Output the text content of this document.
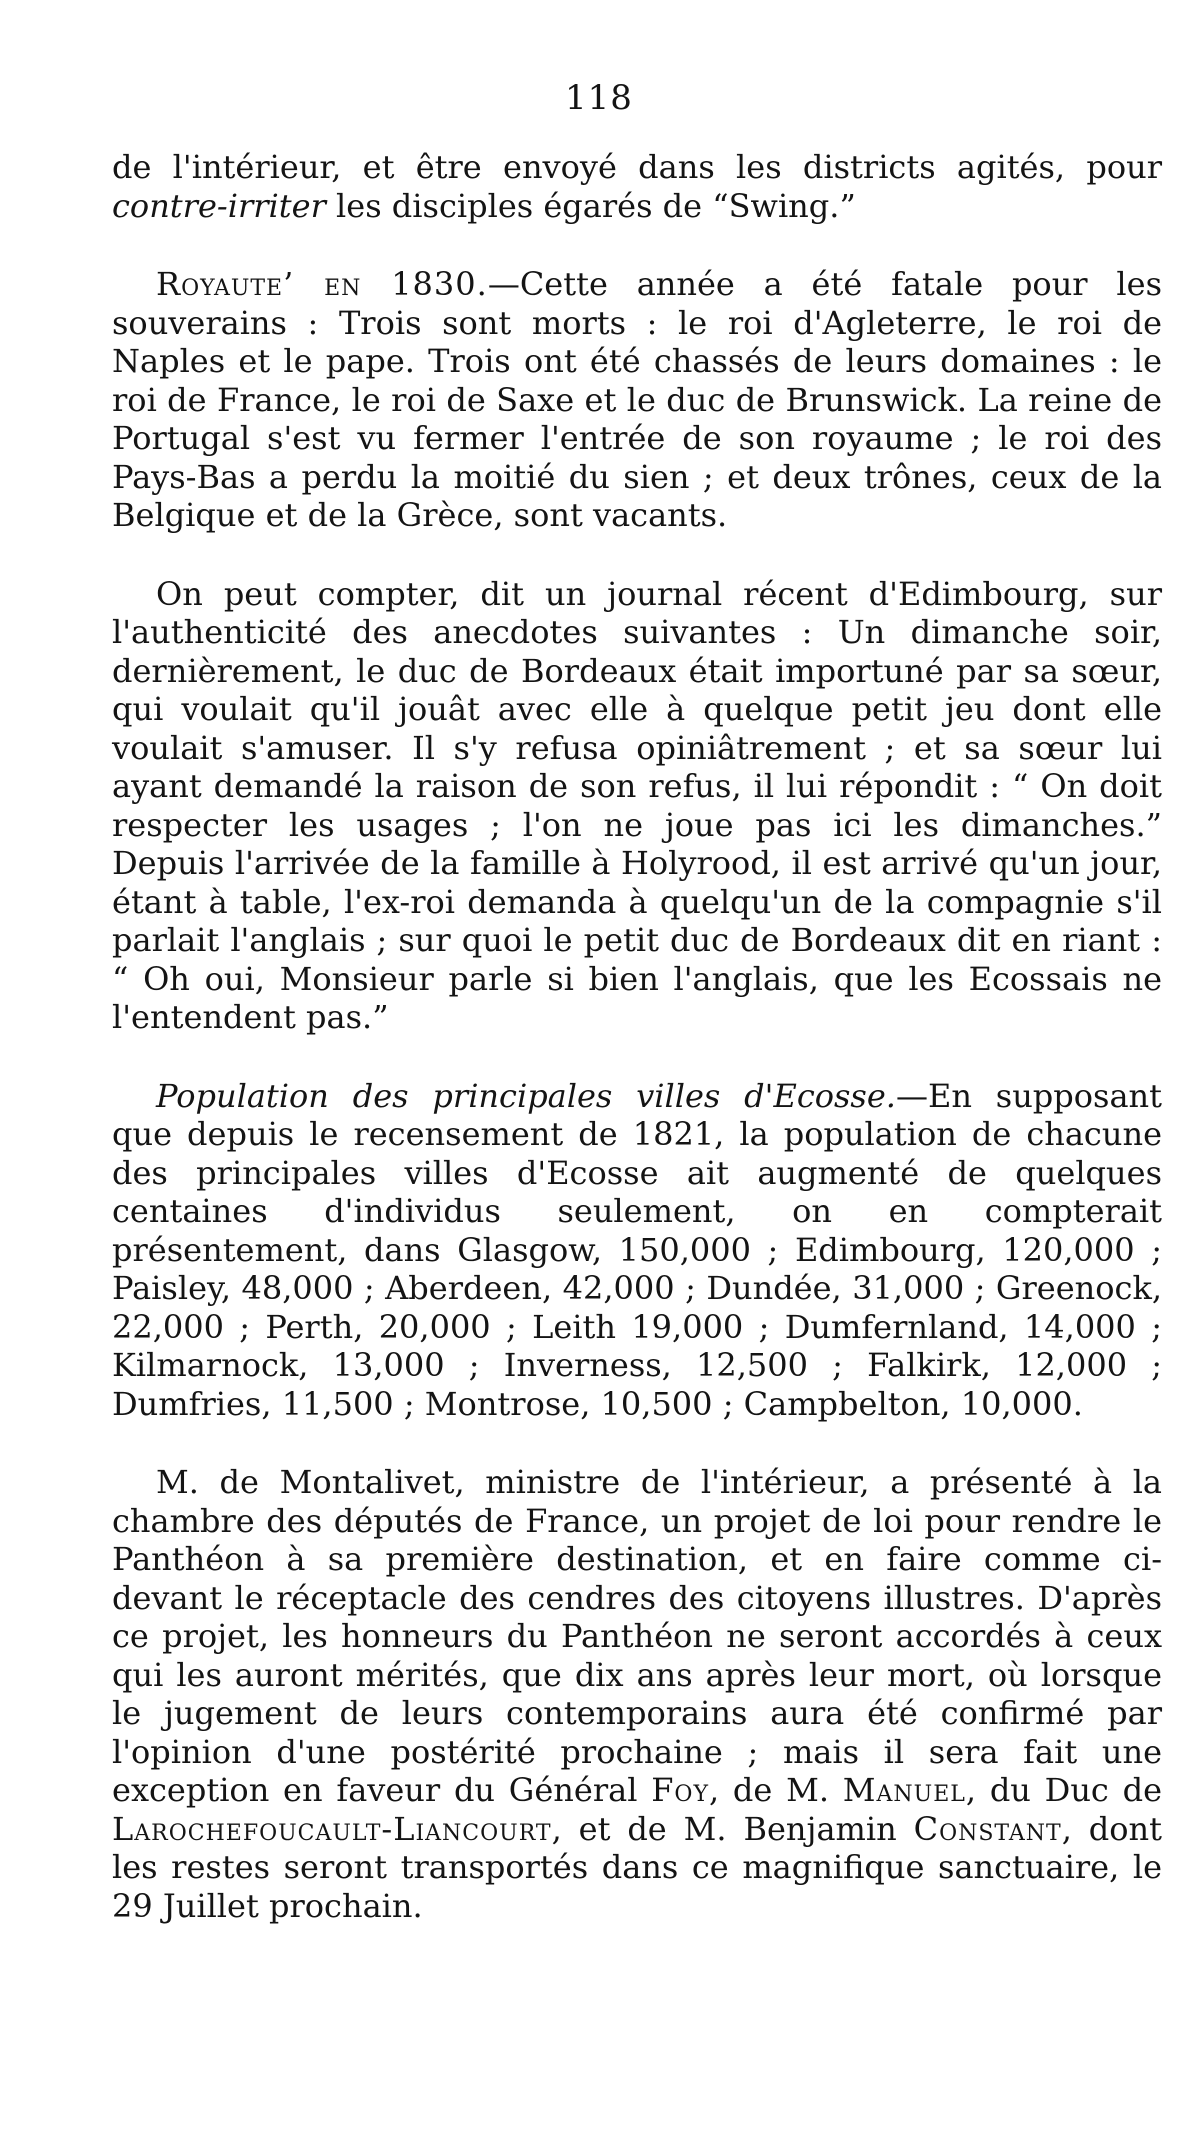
118

de l'intérieur, et être envoyé dans les districts agités, pour contre-irriter les disciples égarés de “Swing.”

Royaute’ en 1830.—Cette année a été fatale pour les souverains : Trois sont morts : le roi d'Agleterre, le roi de Naples et le pape. Trois ont été chassés de leurs domaines : le roi de France, le roi de Saxe et le duc de Brunswick. La reine de Portugal s'est vu fermer l'entrée de son royaume ; le roi des Pays-Bas a perdu la moitié du sien ; et deux trônes, ceux de la Belgique et de la Grèce, sont vacants.

On peut compter, dit un journal récent d'Edimbourg, sur l'authenticité des anecdotes suivantes : Un dimanche soir, dernièrement, le duc de Bordeaux était importuné par sa sœur, qui voulait qu'il jouât avec elle à quelque petit jeu dont elle voulait s'amuser. Il s'y refusa opiniâtrement ; et sa sœur lui ayant demandé la raison de son refus, il lui répondit : “ On doit respecter les usages ; l'on ne joue pas ici les dimanches.” Depuis l'arrivée de la famille à Holyrood, il est arrivé qu'un jour, étant à table, l'ex-roi demanda à quelqu'un de la compagnie s'il parlait l'anglais ; sur quoi le petit duc de Bordeaux dit en riant : “ Oh oui, Monsieur parle si bien l'anglais, que les Ecossais ne l'entendent pas.”

Population des principales villes d'Ecosse.—En supposant que depuis le recensement de 1821, la population de chacune des principales villes d'Ecosse ait augmenté de quelques centaines d'individus seulement, on en compterait présentement, dans Glasgow, 150,000 ; Edimbourg, 120,000 ; Paisley, 48,000 ; Aberdeen, 42,000 ; Dundée, 31,000 ; Greenock, 22,000 ; Perth, 20,000 ; Leith 19,000 ; Dumfernland, 14,000 ; Kilmarnock, 13,000 ; Inverness, 12,500 ; Falkirk, 12,000 ; Dumfries, 11,500 ; Montrose, 10,500 ; Campbelton, 10,000.

M. de Montalivet, ministre de l'intérieur, a présenté à la chambre des députés de France, un projet de loi pour rendre le Panthéon à sa première destination, et en faire comme ci-devant le réceptacle des cendres des citoyens illustres. D'après ce projet, les honneurs du Panthéon ne seront accordés à ceux qui les auront mérités, que dix ans après leur mort, où lorsque le jugement de leurs contemporains aura été confirmé par l'opinion d'une postérité prochaine ; mais il sera fait une exception en faveur du Général Foy, de M. Manuel, du Duc de Larochefoucault-Liancourt, et de M. Benjamin Constant, dont les restes seront transportés dans ce magnifique sanctuaire, le 29 Juillet prochain.
